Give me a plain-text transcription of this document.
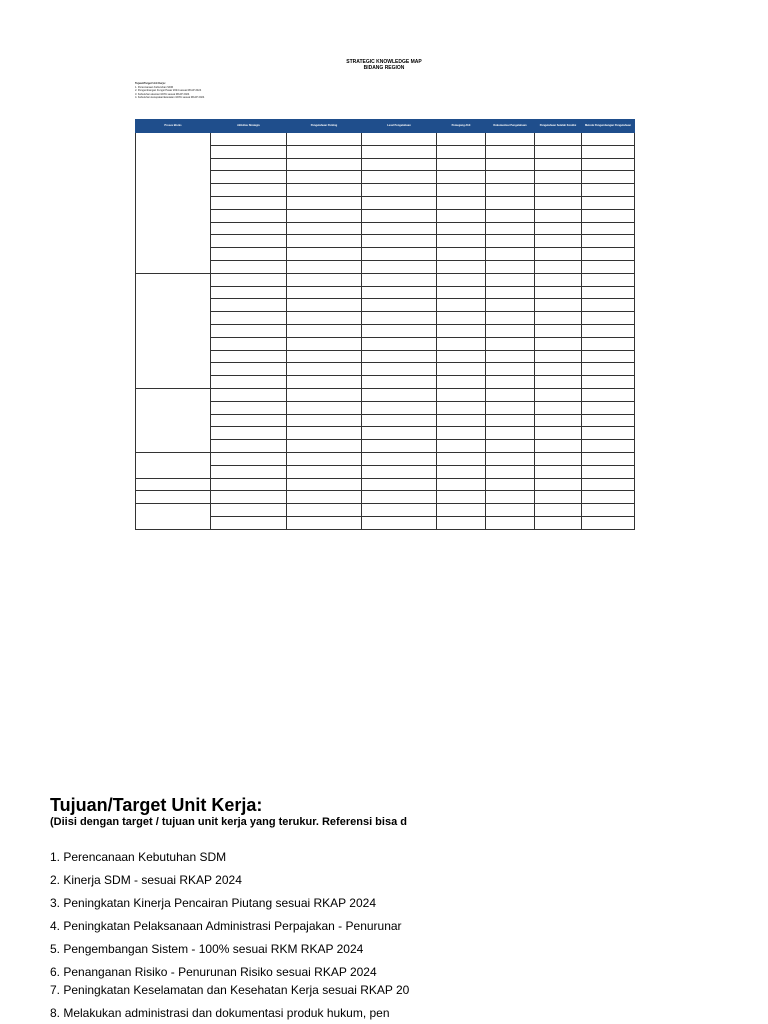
STRATEGIC KNOWLEDGE MAP
BIDANG REGION
Tujuan/Target Unit Kerja:
1. Perencanaan Kebutuhan SDM
2. Pengembangan Fungsi Pasar 2024 sesuai RKAP 2024
3. Kebutuhan akurasi 100% sesuai RKAP 2024
4. Kebutuhan kecepatan/ketetatan 100% sesuai RKAP 2024
Proses Bisnis	Aktivitas Strategis	Pengetahuan Penting	Level Pengetahuan	Pemegang Ahli	Dokumentasi Pengetahuan	Pengetahuan Setelah Kondisi	Metode Pengembangan Pengetahuan

Tujuan/Target Unit Kerja:
(Diisi dengan target / tujuan unit kerja yang terukur. Referensi bisa d
1. Perencanaan Kebutuhan SDM
2. Kinerja SDM - sesuai RKAP 2024
3. Peningkatan Kinerja Pencairan Piutang sesuai RKAP 2024
4. Peningkatan Pelaksanaan Administrasi Perpajakan - Penurunar
5. Pengembangan Sistem - 100% sesuai RKM RKAP 2024
6. Penanganan Risiko - Penurunan Risiko sesuai RKAP 2024
7. Peningkatan Keselamatan dan Kesehatan Kerja sesuai RKAP 20
8. Melakukan administrasi dan dokumentasi produk hukum, pen
